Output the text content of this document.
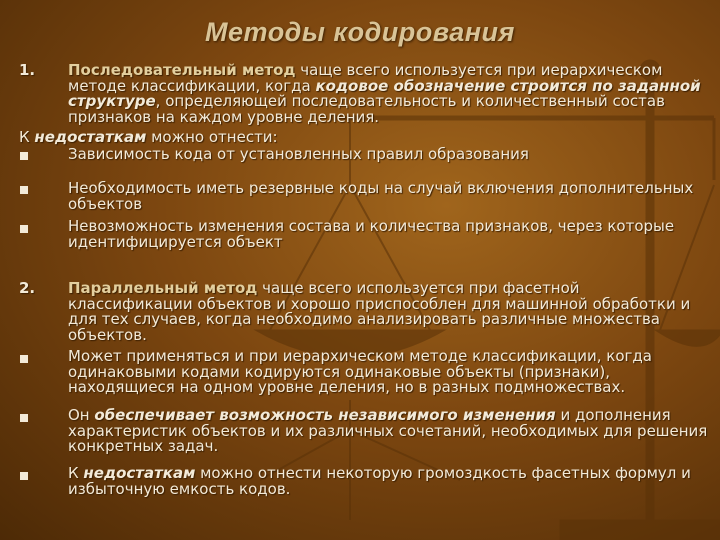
Методы кодирования
1. Последовательный метод чаще всего используется при иерархическом методе классификации, когда кодовое обозначение строится по заданной структуре, определяющей последовательность и количественный состав признаков на каждом уровне деления.
К недостаткам можно отнести:
Зависимость кода от установленных правил образования
Необходимость иметь резервные коды на случай включения дополнительных объектов
Невозможность изменения состава и количества признаков, через которые идентифицируется объект
2. Параллельный метод чаще всего используется при фасетной классификации объектов и хорошо приспособлен для машинной обработки и для тех случаев, когда необходимо анализировать различные множества объектов.
Может применяться и при иерархическом методе классификации, когда одинаковыми кодами кодируются одинаковые объекты (признаки), находящиеся на одном уровне деления, но в разных подмножествах.
Он обеспечивает возможность независимого изменения и дополнения характеристик объектов и их различных сочетаний, необходимых для решения конкретных задач.
К недостаткам можно отнести некоторую громоздкость фасетных формул и избыточную емкость кодов.
